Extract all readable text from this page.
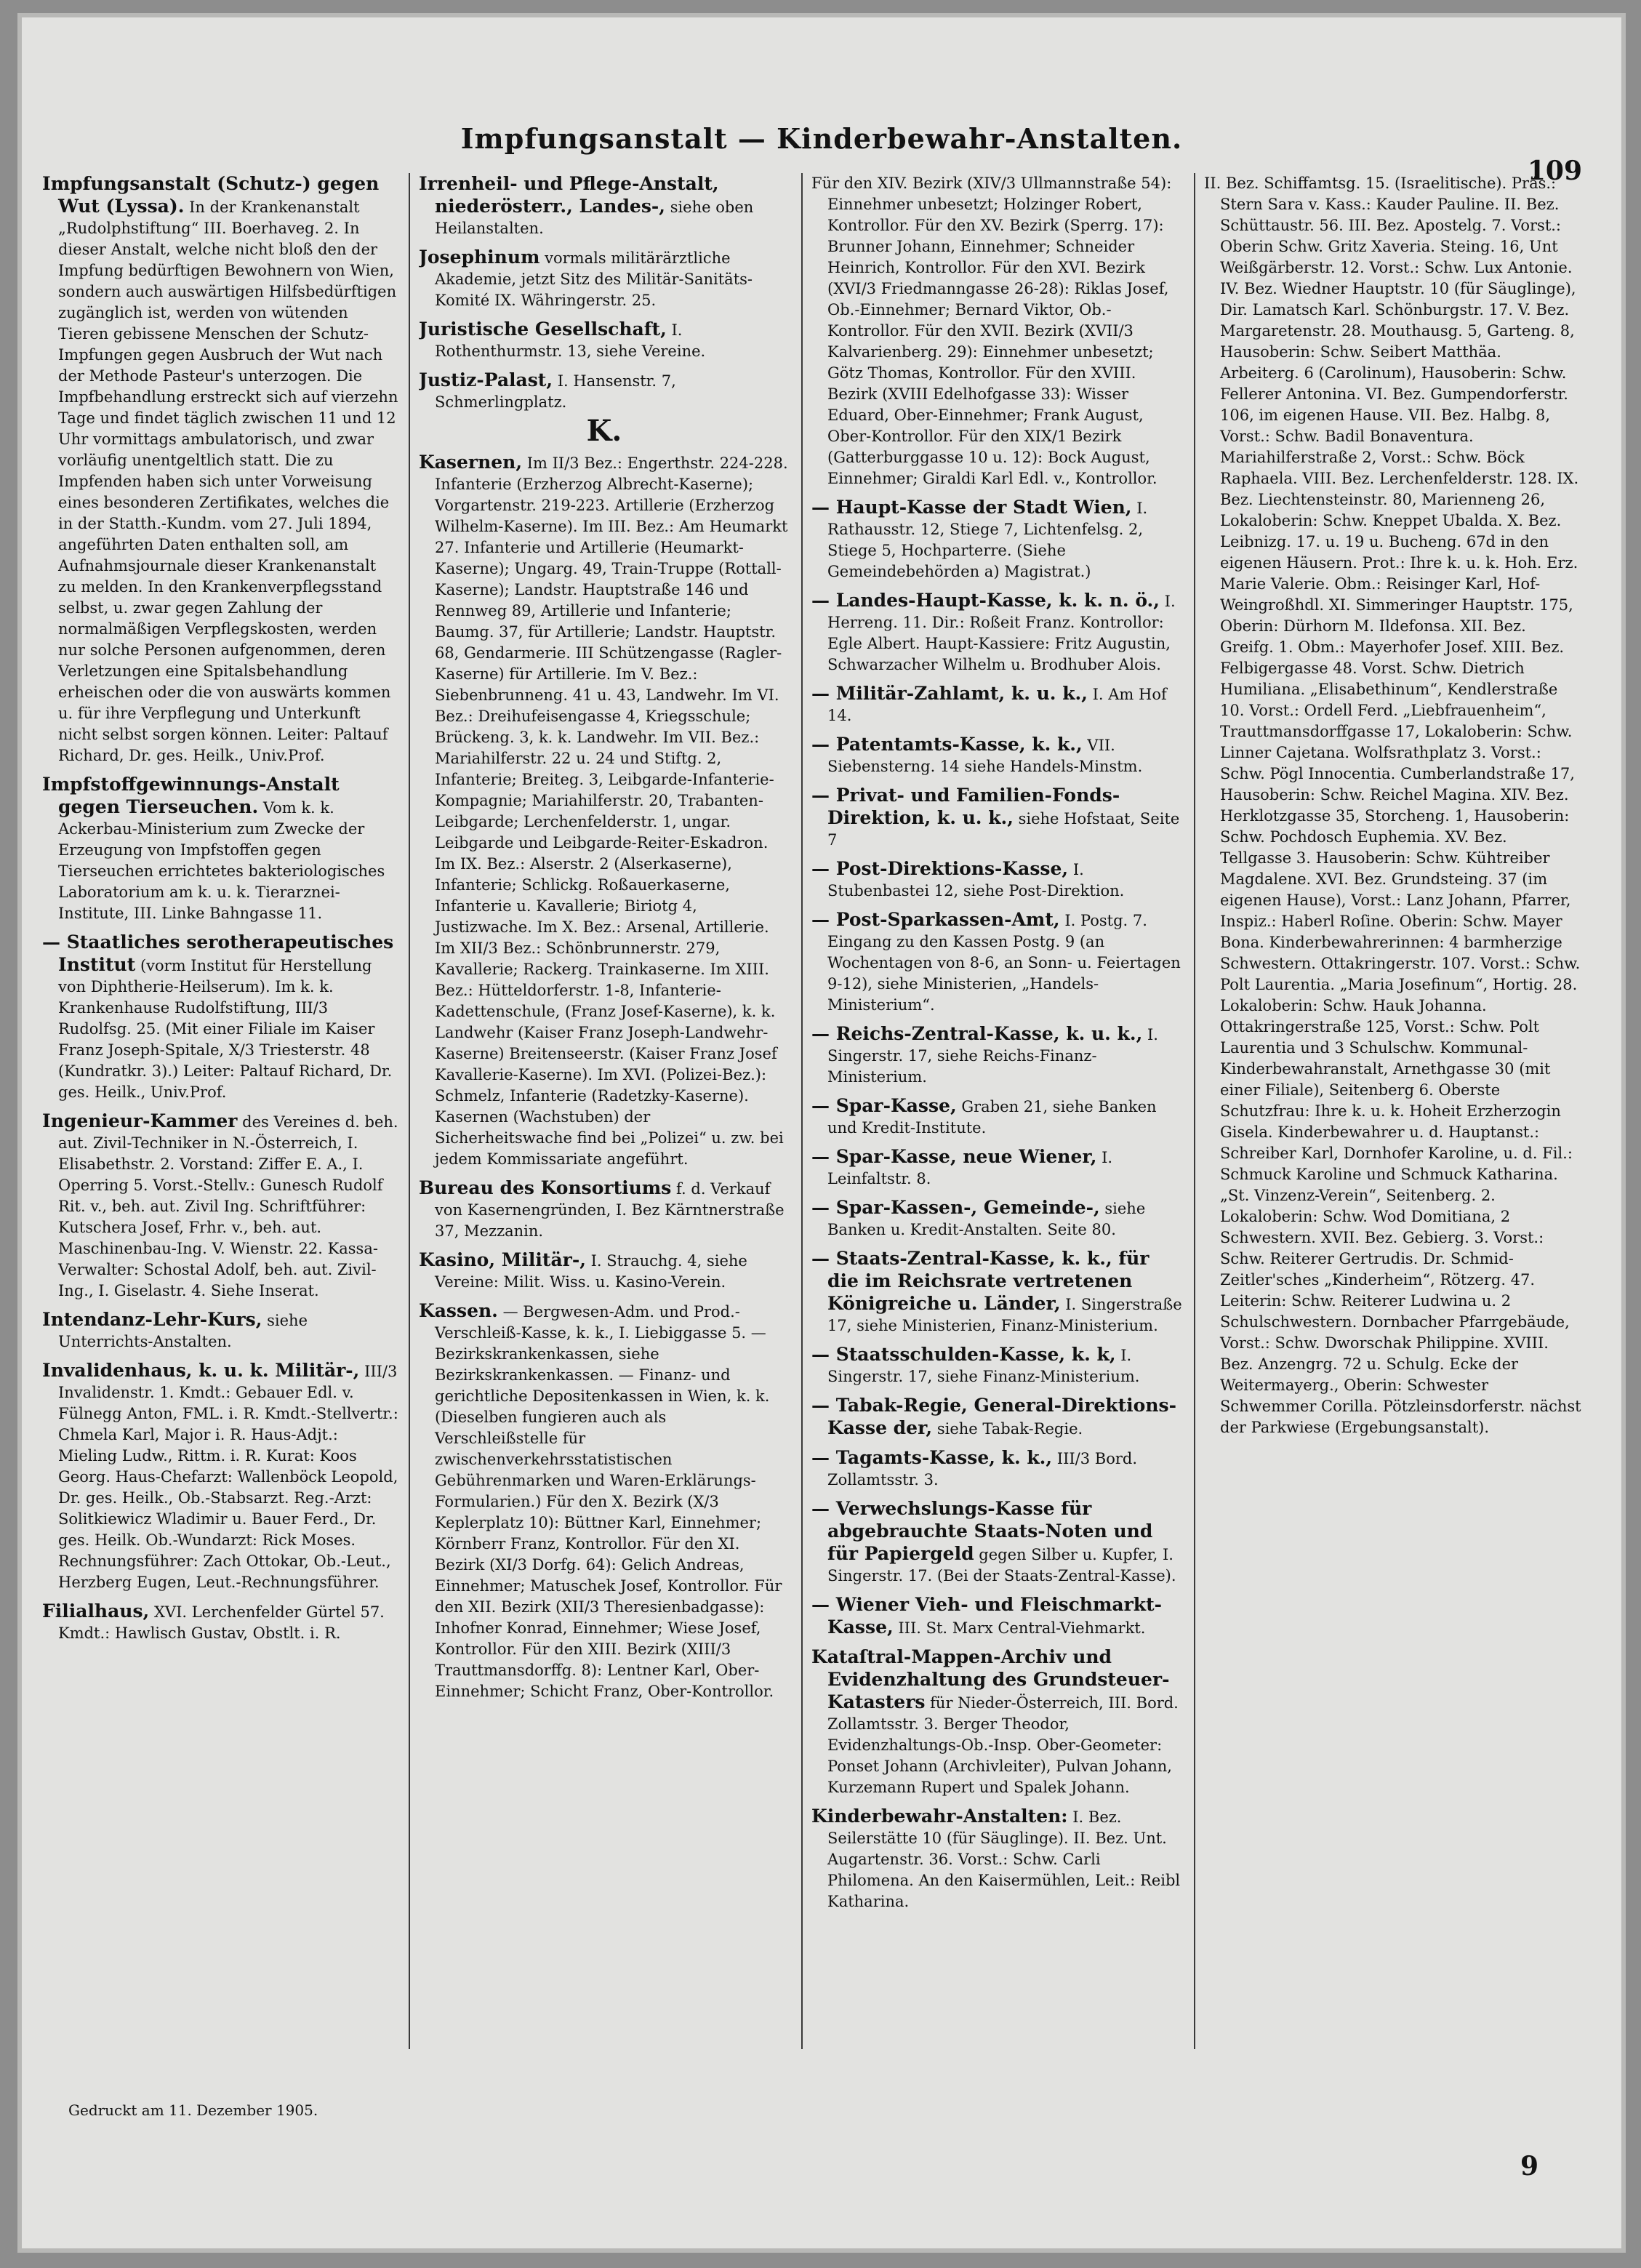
Impfungsanstalt — Kinderbewahr-Anstalten.
109
Impfungsanstalt (Schutz-) gegen Wut (Lyssa). In der Krankenanstalt „Rudolphstiftung“ III. Boerhaveg. 2. In dieser Anstalt, welche nicht bloß den der Impfung bedürftigen Bewohnern von Wien, sondern auch auswärtigen Hilfsbedürftigen zugänglich ist, werden von wütenden Tieren gebissene Menschen der Schutz-Impfungen gegen Ausbruch der Wut nach der Methode Pasteur's unterzogen. Die Impfbehandlung erstreckt sich auf vierzehn Tage und findet täglich zwischen 11 und 12 Uhr vormittags ambulatorisch, und zwar vorläufig unentgeltlich statt. Die zu Impfenden haben sich unter Vorweisung eines besonderen Zertifikates, welches die in der Statth.-Kundm. vom 27. Juli 1894, angeführten Daten enthalten soll, am Aufnahmsjournale dieser Krankenanstalt zu melden. In den Krankenverpflegsstand selbst, u. zwar gegen Zahlung der normalmäßigen Verpflegskosten, werden nur solche Personen aufgenommen, deren Verletzungen eine Spitalsbehandlung erheischen oder die von auswärts kommen u. für ihre Verpflegung und Unterkunft nicht selbst sorgen können. Leiter: Paltauf Richard, Dr. ges. Heilk., Univ.Prof.
Impfstoffgewinnungs-Anstalt gegen Tierseuchen. Vom k. k. Ackerbau-Ministerium zum Zwecke der Erzeugung von Impfstoffen gegen Tierseuchen errichtetes bakteriologisches Laboratorium am k. u. k. Tierarznei-Institute, III. Linke Bahngasse 11.
— Staatliches serotherapeutisches Institut (vorm Institut für Herstellung von Diphtherie-Heilserum). Im k. k. Krankenhause Rudolfstiftung, III/3 Rudolfsg. 25. (Mit einer Filiale im Kaiser Franz Joseph-Spitale, X/3 Triesterstr. 48 (Kundratkr. 3).) Leiter: Paltauf Richard, Dr. ges. Heilk., Univ.Prof.
Ingenieur-Kammer des Vereines d. beh. aut. Zivil-Techniker in N.-Österreich, I. Elisabethstr. 2. Vorstand: Ziffer E. A., I. Operring 5. Vorst.-Stellv.: Gunesch Rudolf Rit. v., beh. aut. Zivil Ing. Schriftführer: Kutschera Josef, Frhr. v., beh. aut. Maschinenbau-Ing. V. Wienstr. 22. Kassa-Verwalter: Schostal Adolf, beh. aut. Zivil-Ing., I. Giselastr. 4. Siehe Inserat.
Intendanz-Lehr-Kurs, siehe Unterrichts-Anstalten.
Invalidenhaus, k. u. k. Militär-, III/3 Invalidenstr. 1. Kmdt.: Gebauer Edl. v. Fülnegg Anton, FML. i. R. Kmdt.-Stellvertr.: Chmela Karl, Major i. R. Haus-Adjt.: Mieling Ludw., Rittm. i. R. Kurat: Koos Georg. Haus-Chefarzt: Wallenböck Leopold, Dr. ges. Heilk., Ob.-Stabsarzt. Reg.-Arzt: Solitkiewicz Wladimir u. Bauer Ferd., Dr. ges. Heilk. Ob.-Wundarzt: Rick Moses. Rechnungsführer: Zach Ottokar, Ob.-Leut., Herzberg Eugen, Leut.-Rechnungsführer.
Filialhaus, XVI. Lerchenfelder Gürtel 57. Kmdt.: Hawlisch Gustav, Obstlt. i. R.
Irrenheil- und Pflege-Anstalt, niederösterr., Landes-, siehe oben Heilanstalten.
Josephinum vormals militärärztliche Akademie, jetzt Sitz des Militär-Sanitäts-Komité IX. Währingerstr. 25.
Juristische Gesellschaft, I. Rothenthurmstr. 13, siehe Vereine.
Justiz-Palast, I. Hansenstr. 7, Schmerlingplatz.
K.
Kasernen, Im II/3 Bez.: Engerthstr. 224-228. Infanterie (Erzherzog Albrecht-Kaserne); Vorgartenstr. 219-223. Artillerie (Erzherzog Wilhelm-Kaserne). Im III. Bez.: Am Heumarkt 27. Infanterie und Artillerie (Heumarkt-Kaserne); Ungarg. 49, Train-Truppe (Rottall-Kaserne); Landstr. Hauptstraße 146 und Rennweg 89, Artillerie und Infanterie; Baumg. 37, für Artillerie; Landstr. Hauptstr. 68, Gendarmerie. III Schützengasse (Ragler-Kaserne) für Artillerie. Im V. Bez.: Siebenbrunneng. 41 u. 43, Landwehr. Im VI. Bez.: Dreihufeisengasse 4, Kriegsschule; Brückeng. 3, k. k. Landwehr. Im VII. Bez.: Mariahilferstr. 22 u. 24 und Stiftg. 2, Infanterie; Breiteg. 3, Leibgarde-Infanterie-Kompagnie; Mariahilferstr. 20, Trabanten-Leibgarde; Lerchenfelderstr. 1, ungar. Leibgarde und Leibgarde-Reiter-Eskadron. Im IX. Bez.: Alserstr. 2 (Alserkaserne), Infanterie; Schlickg. Roßauerkaserne, Infanterie u. Kavallerie; Biriotg 4, Justizwache. Im X. Bez.: Arsenal, Artillerie. Im XII/3 Bez.: Schönbrunnerstr. 279, Kavallerie; Rackerg. Trainkaserne. Im XIII. Bez.: Hütteldorferstr. 1-8, Infanterie-Kadettenschule, (Franz Josef-Kaserne), k. k. Landwehr (Kaiser Franz Joseph-Landwehr-Kaserne) Breitenseerstr. (Kaiser Franz Josef Kavallerie-Kaserne). Im XVI. (Polizei-Bez.): Schmelz, Infanterie (Radetzky-Kaserne). Kasernen (Wachstuben) der Sicherheitswache find bei „Polizei“ u. zw. bei jedem Kommissariate angeführt.
Bureau des Konsortiums f. d. Verkauf von Kasernengründen, I. Bez Kärntnerstraße 37, Mezzanin.
Kasino, Militär-, I. Strauchg. 4, siehe Vereine: Milit. Wiss. u. Kasino-Verein.
Kassen. — Bergwesen-Adm. und Prod.-Verschleiß-Kasse, k. k., I. Liebiggasse 5. — Bezirkskrankenkassen, siehe Bezirkskrankenkassen. — Finanz- und gerichtliche Depositenkassen in Wien, k. k. (Dieselben fungieren auch als Verschleißstelle für zwischenverkehrsstatistischen Gebührenmarken und Waren-Erklärungs-Formularien.) Für den X. Bezirk (X/3 Keplerplatz 10): Büttner Karl, Einnehmer; Körnberr Franz, Kontrollor. Für den XI. Bezirk (XI/3 Dorfg. 64): Gelich Andreas, Einnehmer; Matuschek Josef, Kontrollor. Für den XII. Bezirk (XII/3 Theresienbadgasse): Inhofner Konrad, Einnehmer; Wiese Josef, Kontrollor. Für den XIII. Bezirk (XIII/3 Trauttmansdorffg. 8): Lentner Karl, Ober-Einnehmer; Schicht Franz, Ober-Kontrollor.
Für den XIV. Bezirk (XIV/3 Ullmannstraße 54): Einnehmer unbesetzt; Holzinger Robert, Kontrollor. Für den XV. Bezirk (Sperrg. 17): Brunner Johann, Einnehmer; Schneider Heinrich, Kontrollor. Für den XVI. Bezirk (XVI/3 Friedmanngasse 26-28): Riklas Josef, Ob.-Einnehmer; Bernard Viktor, Ob.-Kontrollor. Für den XVII. Bezirk (XVII/3 Kalvarienberg. 29): Einnehmer unbesetzt; Götz Thomas, Kontrollor. Für den XVIII. Bezirk (XVIII Edelhofgasse 33): Wisser Eduard, Ober-Einnehmer; Frank August, Ober-Kontrollor. Für den XIX/1 Bezirk (Gatterburggasse 10 u. 12): Bock August, Einnehmer; Giraldi Karl Edl. v., Kontrollor.
— Haupt-Kasse der Stadt Wien, I. Rathausstr. 12, Stiege 7, Lichtenfelsg. 2, Stiege 5, Hochparterre. (Siehe Gemeindebehörden a) Magistrat.)
— Landes-Haupt-Kasse, k. k. n. ö., I. Herreng. 11. Dir.: Roßeit Franz. Kontrollor: Egle Albert. Haupt-Kassiere: Fritz Augustin, Schwarzacher Wilhelm u. Brodhuber Alois.
— Militär-Zahlamt, k. u. k., I. Am Hof 14.
— Patentamts-Kasse, k. k., VII. Siebensterng. 14 siehe Handels-Minstm.
— Privat- und Familien-Fonds-Direktion, k. u. k., siehe Hofstaat, Seite 7
— Post-Direktions-Kasse, I. Stubenbastei 12, siehe Post-Direktion.
— Post-Sparkassen-Amt, I. Postg. 7. Eingang zu den Kassen Postg. 9 (an Wochentagen von 8-6, an Sonn- u. Feiertagen 9-12), siehe Ministerien, „Handels-Ministerium“.
— Reichs-Zentral-Kasse, k. u. k., I. Singerstr. 17, siehe Reichs-Finanz-Ministerium.
— Spar-Kasse, Graben 21, siehe Banken und Kredit-Institute.
— Spar-Kasse, neue Wiener, I. Leinfaltstr. 8.
— Spar-Kassen-, Gemeinde-, siehe Banken u. Kredit-Anstalten. Seite 80.
— Staats-Zentral-Kasse, k. k., für die im Reichsrate vertretenen Königreiche u. Länder, I. Singerstraße 17, siehe Ministerien, Finanz-Ministerium.
— Staatsschulden-Kasse, k. k, I. Singerstr. 17, siehe Finanz-Ministerium.
— Tabak-Regie, General-Direktions-Kasse der, siehe Tabak-Regie.
— Tagamts-Kasse, k. k., III/3 Bord. Zollamtsstr. 3.
— Verwechslungs-Kasse für abgebrauchte Staats-Noten und für Papiergeld gegen Silber u. Kupfer, I. Singerstr. 17. (Bei der Staats-Zentral-Kasse).
— Wiener Vieh- und Fleischmarkt-Kasse, III. St. Marx Central-Viehmarkt.
Kataſtral-Mappen-Archiv und Evidenzhaltung des Grundsteuer-Katasters für Nieder-Österreich, III. Bord. Zollamtsstr. 3. Berger Theodor, Evidenzhaltungs-Ob.-Insp. Ober-Geometer: Ponset Johann (Archivleiter), Pulvan Johann, Kurzemann Rupert und Spalek Johann.
Kinderbewahr-Anstalten: I. Bez. Seilerstätte 10 (für Säuglinge). II. Bez. Unt. Augartenstr. 36. Vorst.: Schw. Carli Philomena. An den Kaisermühlen, Leit.: Reibl Katharina.
II. Bez. Schiffamtsg. 15. (Israelitische). Präs.: Stern Sara v. Kass.: Kauder Pauline. II. Bez. Schüttaustr. 56. III. Bez. Apostelg. 7. Vorst.: Oberin Schw. Gritz Xaveria. Steing. 16, Unt Weißgärberstr. 12. Vorst.: Schw. Lux Antonie. IV. Bez. Wiedner Hauptstr. 10 (für Säuglinge), Dir. Lamatsch Karl. Schönburgstr. 17. V. Bez. Margaretenstr. 28. Mouthausg. 5, Garteng. 8, Hausoberin: Schw. Seibert Matthäa. Arbeiterg. 6 (Carolinum), Hausoberin: Schw. Fellerer Antonina. VI. Bez. Gumpendorferstr. 106, im eigenen Hause. VII. Bez. Halbg. 8, Vorst.: Schw. Badil Bonaventura. Mariahilferstraße 2, Vorst.: Schw. Böck Raphaela. VIII. Bez. Lerchenfelderstr. 128. IX. Bez. Liechtensteinstr. 80, Marienneng 26, Lokaloberin: Schw. Kneppet Ubalda. X. Bez. Leibnizg. 17. u. 19 u. Bucheng. 67d in den eigenen Häusern. Prot.: Ihre k. u. k. Hoh. Erz. Marie Valerie. Obm.: Reisinger Karl, Hof-Weingroßhdl. XI. Simmeringer Hauptstr. 175, Oberin: Dürhorn M. Ildefonsa. XII. Bez. Greifg. 1. Obm.: Mayerhofer Josef. XIII. Bez. Felbigergasse 48. Vorst. Schw. Dietrich Humiliana. „Elisabethinum“, Kendlerstraße 10. Vorst.: Ordell Ferd. „Liebfrauenheim“, Trauttmansdorffgasse 17, Lokaloberin: Schw. Linner Cajetana. Wolfsrathplatz 3. Vorst.: Schw. Pögl Innocentia. Cumberlandstraße 17, Hausoberin: Schw. Reichel Magina. XIV. Bez. Herklotzgasse 35, Storcheng. 1, Hausoberin: Schw. Pochdosch Euphemia. XV. Bez. Tellgasse 3. Hausoberin: Schw. Kühtreiber Magdalene. XVI. Bez. Grundsteing. 37 (im eigenen Hause), Vorst.: Lanz Johann, Pfarrer, Inspiz.: Haberl Roſine. Oberin: Schw. Mayer Bona. Kinderbewahrerinnen: 4 barmherzige Schwestern. Ottakringerstr. 107. Vorst.: Schw. Polt Laurentia. „Maria Josefinum“, Hortig. 28. Lokaloberin: Schw. Hauk Johanna. Ottakringerstraße 125, Vorst.: Schw. Polt Laurentia und 3 Schulschw. Kommunal-Kinderbewahranstalt, Arnethgasse 30 (mit einer Filiale), Seitenberg 6. Oberste Schutzfrau: Ihre k. u. k. Hoheit Erzherzogin Gisela. Kinderbewahrer u. d. Hauptanst.: Schreiber Karl, Dornhofer Karoline, u. d. Fil.: Schmuck Karoline und Schmuck Katharina. „St. Vinzenz-Verein“, Seitenberg. 2. Lokaloberin: Schw. Wod Domitiana, 2 Schwestern. XVII. Bez. Gebierg. 3. Vorst.: Schw. Reiterer Gertrudis. Dr. Schmid-Zeitler'sches „Kinderheim“, Rötzerg. 47. Leiterin: Schw. Reiterer Ludwina u. 2 Schulschwestern. Dornbacher Pfarrgebäude, Vorst.: Schw. Dworschak Philippine. XVIII. Bez. Anzengrg. 72 u. Schulg. Ecke der Weitermayerg., Oberin: Schwester Schwemmer Corilla. Pötzleinsdorferstr. nächst der Parkwiese (Ergebungsanstalt).
Gedruckt am 11. Dezember 1905.
9
